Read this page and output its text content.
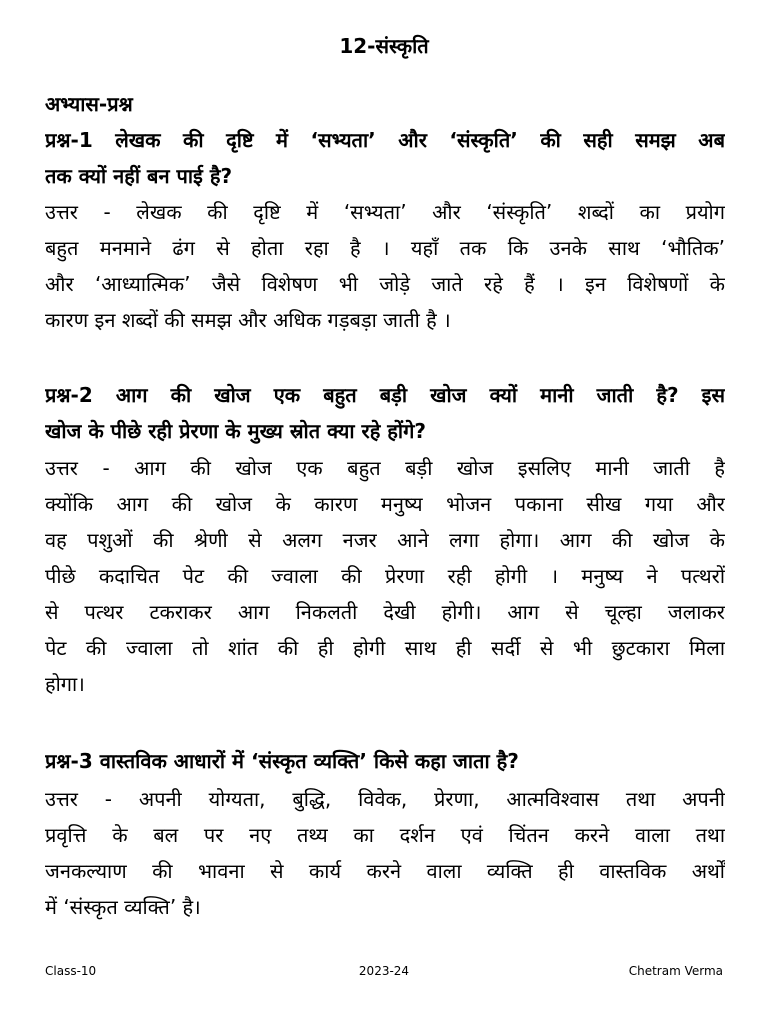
12-संस्कृति
अभ्यास-प्रश्न
प्रश्न-1 लेखक की दृष्टि में ‘सभ्यता’ और ‘संस्कृति’ की सही समझ अब
तक क्यों नहीं बन पाई है?
उत्तर - लेखक की दृष्टि में ‘सभ्यता’ और ‘संस्कृति’ शब्दों का प्रयोग
बहुत मनमाने ढंग से होता रहा है । यहाँ तक कि उनके साथ ‘भौतिक’
और ‘आध्यात्मिक’ जैसे विशेषण भी जोड़े जाते रहे हैं । इन विशेषणों के
कारण इन शब्दों की समझ और अधिक गड़बड़ा जाती है ।
प्रश्न-2 आग की खोज एक बहुत बड़ी खोज क्यों मानी जाती है? इस
खोज के पीछे रही प्रेरणा के मुख्य स्रोत क्या रहे होंगे?
उत्तर - आग की खोज एक बहुत बड़ी खोज इसलिए मानी जाती है
क्योंकि आग की खोज के कारण मनुष्य भोजन पकाना सीख गया और
वह पशुओं की श्रेणी से अलग नजर आने लगा होगा। आग की खोज के
पीछे कदाचित पेट की ज्वाला की प्रेरणा रही होगी । मनुष्य ने पत्थरों
से पत्थर टकराकर आग निकलती देखी होगी। आग से चूल्हा जलाकर
पेट की ज्वाला तो शांत की ही होगी साथ ही सर्दी से भी छुटकारा मिला
होगा।
प्रश्न-3 वास्तविक आधारों में ‘संस्कृत व्यक्ति’ किसे कहा जाता है?
उत्तर - अपनी योग्यता, बुद्धि, विवेक, प्रेरणा, आत्मविश्वास तथा अपनी
प्रवृत्ति के बल पर नए तथ्य का दर्शन एवं चिंतन करने वाला तथा
जनकल्याण की भावना से कार्य करने वाला व्यक्ति ही वास्तविक अर्थों
में ‘संस्कृत व्यक्ति’ है।
Class-10	2023-24	Chetram Verma
